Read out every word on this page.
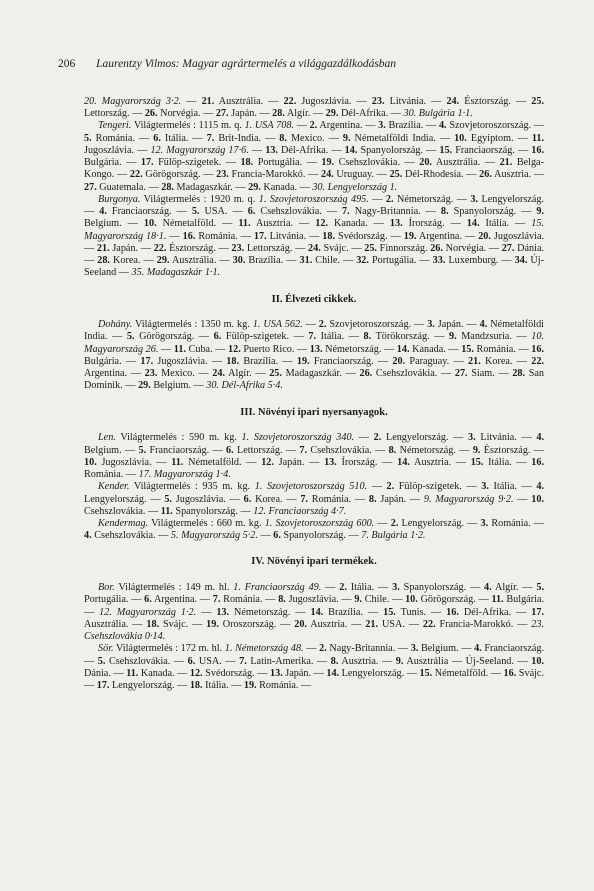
206 Laurentzy Vilmos: Magyar agrártermelés a világgazdálkodásban

20. Magyarország 3·2. — 21. Ausztrália. — 22. Jugoszlávia. — 23. Litvánia. — 24. Észtország. — 25. Lettország. — 26. Norvégia. — 27. Japán. — 28. Algír. — 29. Dél-Afrika. — 30. Bulgária 1·1.

Tengeri. Világtermelés : 1115 m. q. 1. USA 708. — 2. Argentina. — 3. Brazília. — 4. Szovjetoroszország. — 5. Románia. — 6. Itália. — 7. Brit-India. — 8. Mexico. — 9. Németalföldi India. — 10. Egyiptom. — 11. Jugoszlávia. — 12. Magyarország 17·6. — 13. Dél-Afrika. — 14. Spanyolország. — 15. Franciaország. — 16. Bulgária. — 17. Fülöp-szigetek. — 18. Portugália. — 19. Csehszlovákia. — 20. Ausztrália. — 21. Belga-Kongo. — 22. Görögország. — 23. Francia-Marokkó. — 24. Uruguay. — 25. Dél-Rhodesia. — 26. Ausztria. — 27. Guatemala. — 28. Madagaszkár. — 29. Kanada. — 30. Lengyelország 1.

Burgonya. Világtermelés : 1920 m. q. 1. Szovjetoroszország 495. — 2. Németország. — 3. Lengyelország. — 4. Franciaország. — 5. USA. — 6. Csehszlovákia. — 7. Nagy-Britannia. — 8. Spanyolország. — 9. Belgium. — 10. Németalföld. — 11. Ausztria. — 12. Kanada. — 13. Írország. — 14. Itália. — 15. Magyarország 18·1. — 16. Románia. — 17. Litvánia. — 18. Svédország. — 19. Argentina. — 20. Jugoszlávia. — 21. Japán. — 22. Észtország. — 23. Lettország. — 24. Svájc. — 25. Finnország. 26. Norvégia. — 27. Dánia. — 28. Korea. — 29. Ausztrália. — 30. Brazília. — 31. Chile. — 32. Portugália. — 33. Luxemburg. — 34. Új-Seeland — 35. Madagaszkár 1·1.

II. Élvezeti cikkek.

Dohány. Világtermelés : 1350 m. kg. 1. USA 562. — 2. Szovjetoroszország. — 3. Japán. — 4. Németalföldi India. — 5. Görögország. — 6. Fülöp-szigetek. — 7. Itália. — 8. Törökország. — 9. Mandzsuria. — 10. Magyarország 26. — 11. Cuba. — 12. Puerto Rico. — 13. Németország. — 14. Kanada. — 15. Románia. — 16. Bulgária. — 17. Jugoszlávia. — 18. Brazília. — 19. Franciaország. — 20. Paraguay. — 21. Korea. — 22. Argentina. — 23. Mexico. — 24. Algír. — 25. Madagaszkár. — 26. Csehszlovákia. — 27. Siam. — 28. San Dominik. — 29. Belgium. — 30. Dél-Afrika 5·4.

III. Növényi ipari nyersanyagok.

Len. Világtermelés : 590 m. kg. 1. Szovjetoroszország 340. — 2. Lengyelország. — 3. Litvánia. — 4. Belgium. — 5. Franciaország. — 6. Lettország. — 7. Csehszlovákia. — 8. Németország. — 9. Észtország. — 10. Jugoszlávia. — 11. Németalföld. — 12. Japán. — 13. Írország. — 14. Ausztria. — 15. Itália. — 16. Románia. — 17. Magyarország 1·4.

Kender. Világtermelés : 935 m. kg. 1. Szovjetoroszország 510. — 2. Fülöp-szigetek. — 3. Itália. — 4. Lengyelország. — 5. Jugoszlávia. — 6. Korea. — 7. Románia. — 8. Japán. — 9. Magyarország 9·2. — 10. Csehszlovákia. — 11. Spanyolország. — 12. Franciaország 4·7.

Kendermag. Világtermelés : 660 m. kg. 1. Szovjetoroszország 600. — 2. Lengyelország. — 3. Románia. — 4. Csehszlovákia. — 5. Magyarország 5·2. — 6. Spanyolország. — 7. Bulgária 1·2.

IV. Növényi ipari termékek.

Bor. Világtermelés : 149 m. hl. 1. Franciaország 49. — 2. Itália. — 3. Spanyolország. — 4. Algír. — 5. Portugália. — 6. Argentina. — 7. Románia. — 8. Jugoszlávia. — 9. Chile. — 10. Görögország. — 11. Bulgária. — 12. Magyarország 1·2. — 13. Németország. — 14. Brazília. — 15. Tunis. — 16. Dél-Afrika. — 17. Ausztrália. — 18. Svájc. — 19. Oroszország. — 20. Ausztria. — 21. USA. — 22. Francia-Marokkó. — 23. Csehszlovákia 0·14.

Sör. Világtermelés : 172 m. hl. 1. Németország 48. — 2. Nagy-Britannia. — 3. Belgium. — 4. Franciaország. — 5. Csehszlovákia. — 6. USA. — 7. Latin-Amerika. — 8. Ausztria. — 9. Ausztrália — Új-Seeland. — 10. Dánia. — 11. Kanada. — 12. Svédország. — 13. Japán. — 14. Lengyelország. — 15. Németalföld. — 16. Svájc. — 17. Lengyelország. — 18. Itália. — 19. Románia. —
